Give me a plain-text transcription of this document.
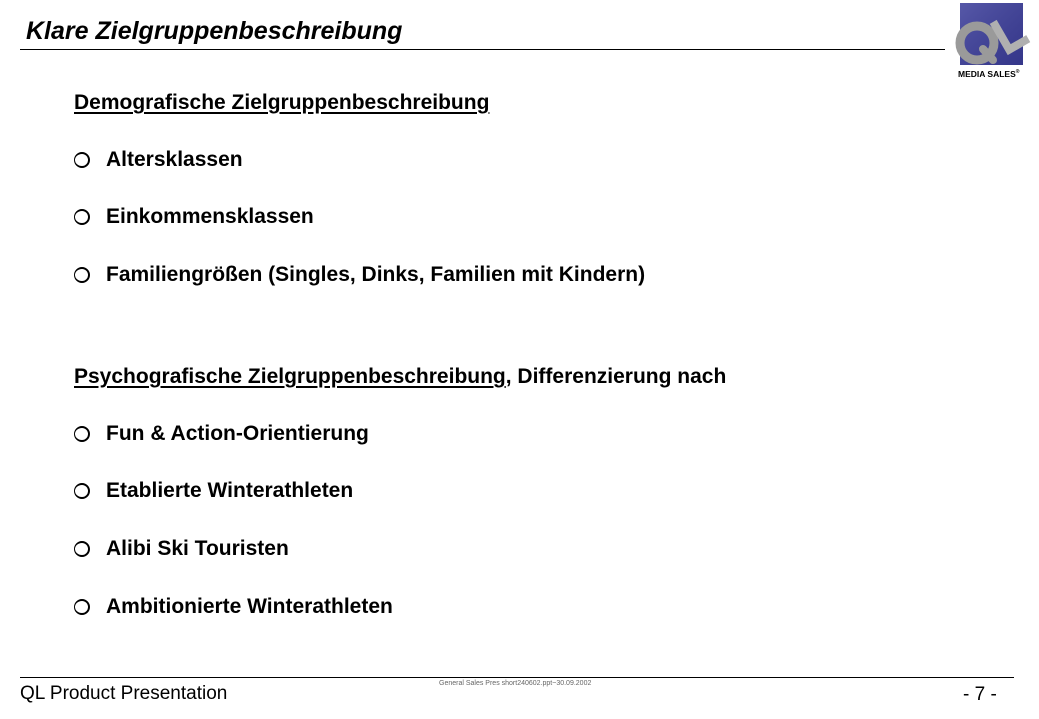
Klare Zielgruppenbeschreibung
MEDIA SALES®
Demografische Zielgruppenbeschreibung
Altersklassen
Einkommensklassen
Familiengrößen (Singles, Dinks, Familien mit Kindern)
Psychografische Zielgruppenbeschreibung, Differenzierung nach
Fun & Action-Orientierung
Etablierte Winterathleten
Alibi Ski Touristen
Ambitionierte Winterathleten
QL Product Presentation	General Sales Pres short240602.ppt~30.09.2002
- 7 -
